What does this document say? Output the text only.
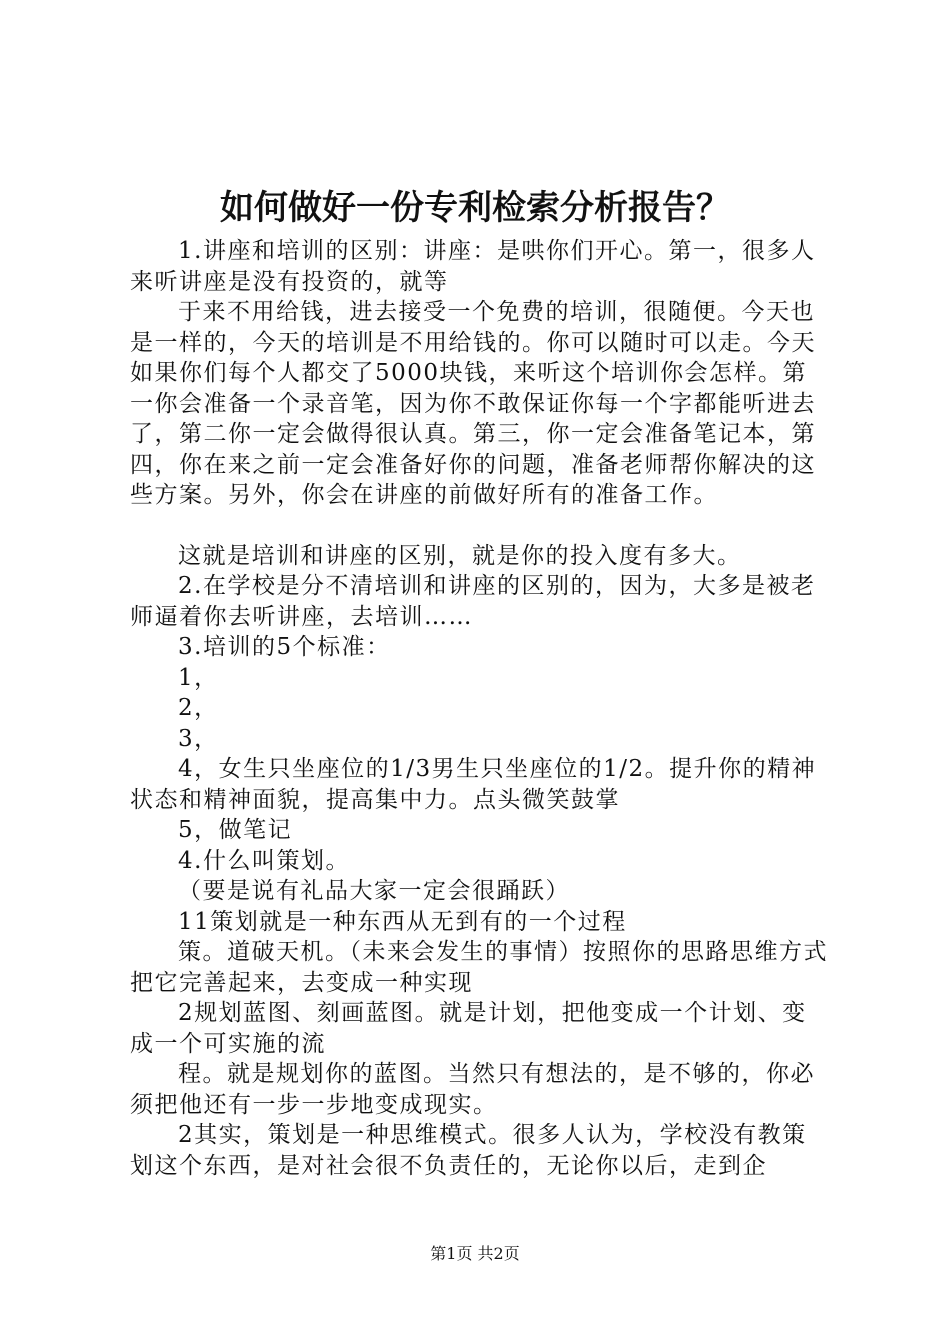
如何做好一份专利检索分析报告？

1.讲座和培训的区别：讲座：是哄你们开心。第一，很多人来听讲座是没有投资的，就等

于来不用给钱，进去接受一个免费的培训，很随便。今天也是一样的，今天的培训是不用给钱的。你可以随时可以走。今天如果你们每个人都交了5000块钱，来听这个培训你会怎样。第一你会准备一个录音笔，因为你不敢保证你每一个字都能听进去了，第二你一定会做得很认真。第三，你一定会准备笔记本，第四，你在来之前一定会准备好你的问题，准备老师帮你解决的这些方案。另外，你会在讲座的前做好所有的准备工作。

这就是培训和讲座的区别，就是你的投入度有多大。

2.在学校是分不清培训和讲座的区别的，因为，大多是被老师逼着你去听讲座，去培训……

3.培训的5个标准：

1，

2，

3，

4，女生只坐座位的1/3男生只坐座位的1/2。提升你的精神状态和精神面貌，提高集中力。点头微笑鼓掌

5，做笔记

4.什么叫策划。

（要是说有礼品大家一定会很踊跃）

11策划就是一种东西从无到有的一个过程

策。道破天机。（未来会发生的事情）按照你的思路思维方式把它完善起来，去变成一种实现

2规划蓝图、刻画蓝图。就是计划，把他变成一个计划、变成一个可实施的流

程。就是规划你的蓝图。当然只有想法的，是不够的，你必须把他还有一步一步地变成现实。

2其实，策划是一种思维模式。很多人认为，学校没有教策划这个东西，是对社会很不负责任的，无论你以后，走到企

第1页 共2页
